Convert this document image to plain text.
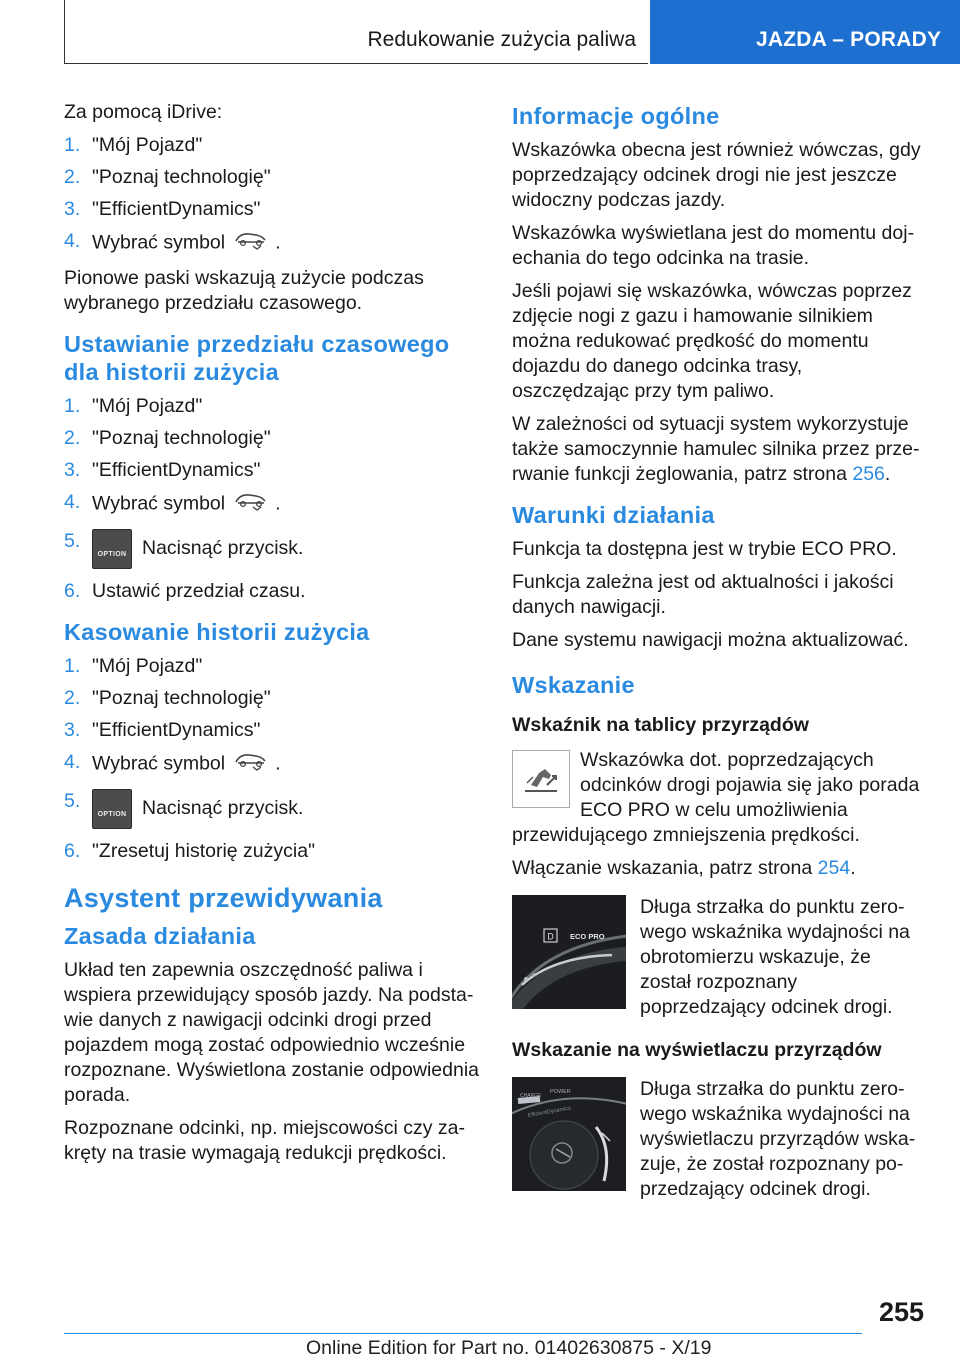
Redukowanie zużycia paliwa	JAZDA – PORADY

Za pomocą iDrive:

1. "Mój Pojazd"
2. "Poznaj technologię"
3. "EfficientDynamics"
4. Wybrać symbol	.

Pionowe paski wskazują zużycie podczas wybranego przedziału czasowego.

Ustawianie przedziału czasowego dla historii zużycia
1. "Mój Pojazd"
2. "Poznaj technologię"
3. "EfficientDynamics"
4. Wybrać symbol	.
5.
OPTION Nacisnąć przycisk.
6. Ustawić przedział czasu.
Kasowanie historii zużycia
1. "Mój Pojazd"
2. "Poznaj technologię"
3. "EfficientDynamics"
4. Wybrać symbol	.
5.
OPTION Nacisnąć przycisk.
6. "Zresetuj historię zużycia"
Asystent przewidywania
Zasada działania

Układ ten zapewnia oszczędność paliwa i wspiera przewidujący sposób jazdy. Na podstawie danych z nawigacji odcinki drogi przed pojazdem mogą zostać odpowiednio wcześnie rozpoznane. Wyświetlona zostanie odpowiednia porada.

Rozpoznane odcinki, np. miejscowości czy zakręty na trasie wymagają redukcji prędkości.

Informacje ogólne

Wskazówka obecna jest również wówczas, gdy poprzedzający odcinek drogi nie jest jeszcze widoczny podczas jazdy.

Wskazówka wyświetlana jest do momentu dojechania do tego odcinka na trasie.

Jeśli pojawi się wskazówka, wówczas poprzez zdjęcie nogi z gazu i hamowanie silnikiem można redukować prędkość do momentu dojazdu do danego odcinka trasy, oszczędzając przy tym paliwo.

W zależności od sytuacji system wykorzystuje także samoczynnie hamulec silnika przez przerwanie funkcji żeglowania, patrz strona 256.

Warunki działania

Funkcja ta dostępna jest w trybie ECO PRO.

Funkcja zależna jest od aktualności i jakości danych nawigacji.

Dane systemu nawigacji można aktualizować.

Wskazanie
Wskaźnik na tablicy przyrządów

Wskazówka dot. poprzedzających odcinków drogi pojawia się jako porada ECO PRO w celu umożliwienia przewidującego zmniejszenia prędkości.

Włączanie wskazania, patrz strona 254.

D ECO PRO
Długa strzałka do punktu zerowego wskaźnika wydajności na obrotomierzu wskazuje, że został rozpoznany poprzedzający odcinek drogi.
Wskazanie na wyświetlaczu przyrządów
CHARGE
POWER
EfficientDynamics
Długa strzałka do punktu zerowego wskaźnika wydajności na wyświetlaczu przyrządów wskazuje, że został rozpoznany poprzedzający odcinek drogi.
255
Online Edition for Part no. 01402630875 - X/19
